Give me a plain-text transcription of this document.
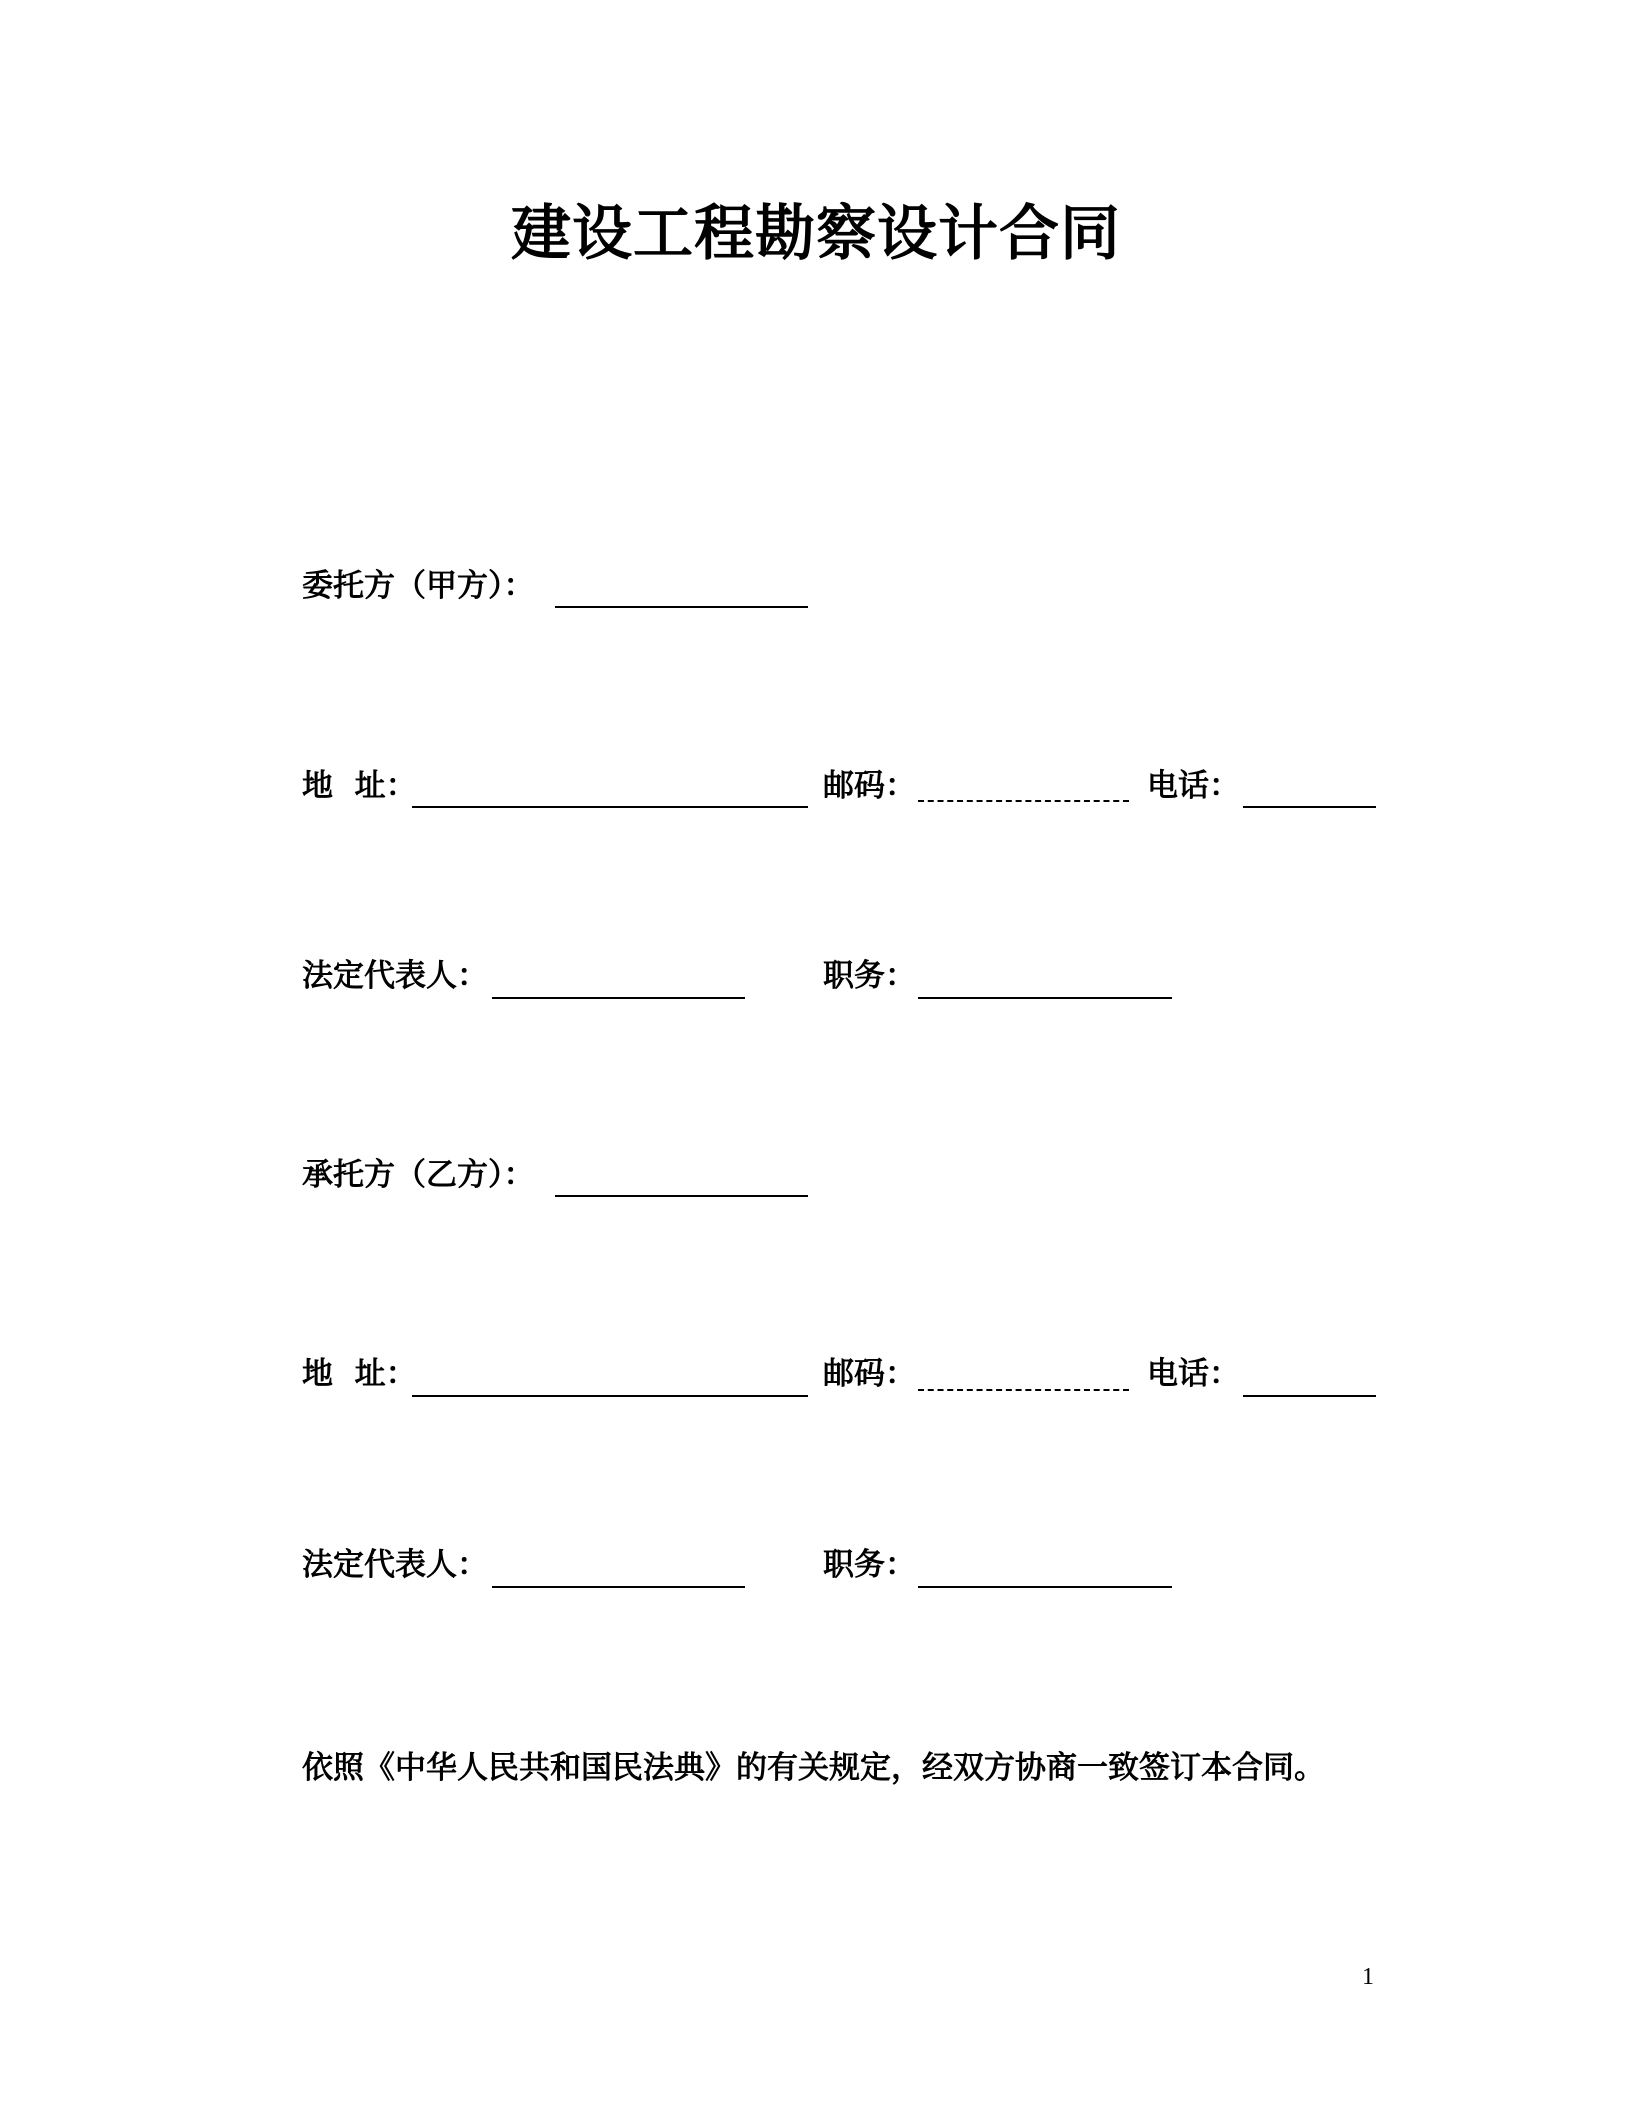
建设工程勘察设计合同
委托方（甲方）：
地  址：	邮码：	电话：
法定代表人：	职务：
承托方（乙方）：
地  址：	邮码：	电话：
法定代表人：	职务：
依照《中华人民共和国民法典》的有关规定，经双方协商一致签订本合同。
1
